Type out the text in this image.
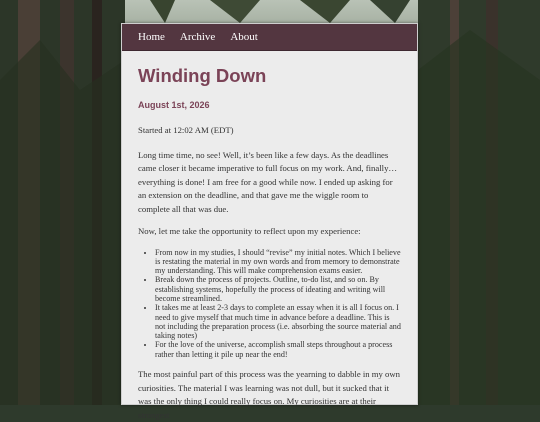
Home Archive About
Winding Down
August 1st, 2026

Started at 12:02 AM (EDT)

Long time time, no see! Well, it’s been like a few days. As the deadlines came closer it became imperative to full focus on my work. And, finally… everything is done! I am free for a good while now. I ended up asking for an extension on the deadline, and that gave me the wiggle room to complete all that was due.

Now, let me take the opportunity to reflect upon my experience:

• From now in my studies, I should “revise” my initial notes. Which I believe is restating the material in my own words and from memory to demonstrate my understanding. This will make comprehension exams easier.
• Break down the process of projects. Outline, to-do list, and so on. By establishing systems, hopefully the process of ideating and writing will become streamlined.
• It takes me at least 2-3 days to complete an essay when it is all I focus on. I need to give myself that much time in advance before a deadline. This is not including the preparation process (i.e. absorbing the source material and taking notes)
• For the love of the universe, accomplish small steps throughout a process rather than letting it pile up near the end!

The most painful part of this process was the yearning to dabble in my own curiosities. The material I was learning was not dull, but it sucked that it was the only thing I could really focus on. My curiosities are at their strongest
